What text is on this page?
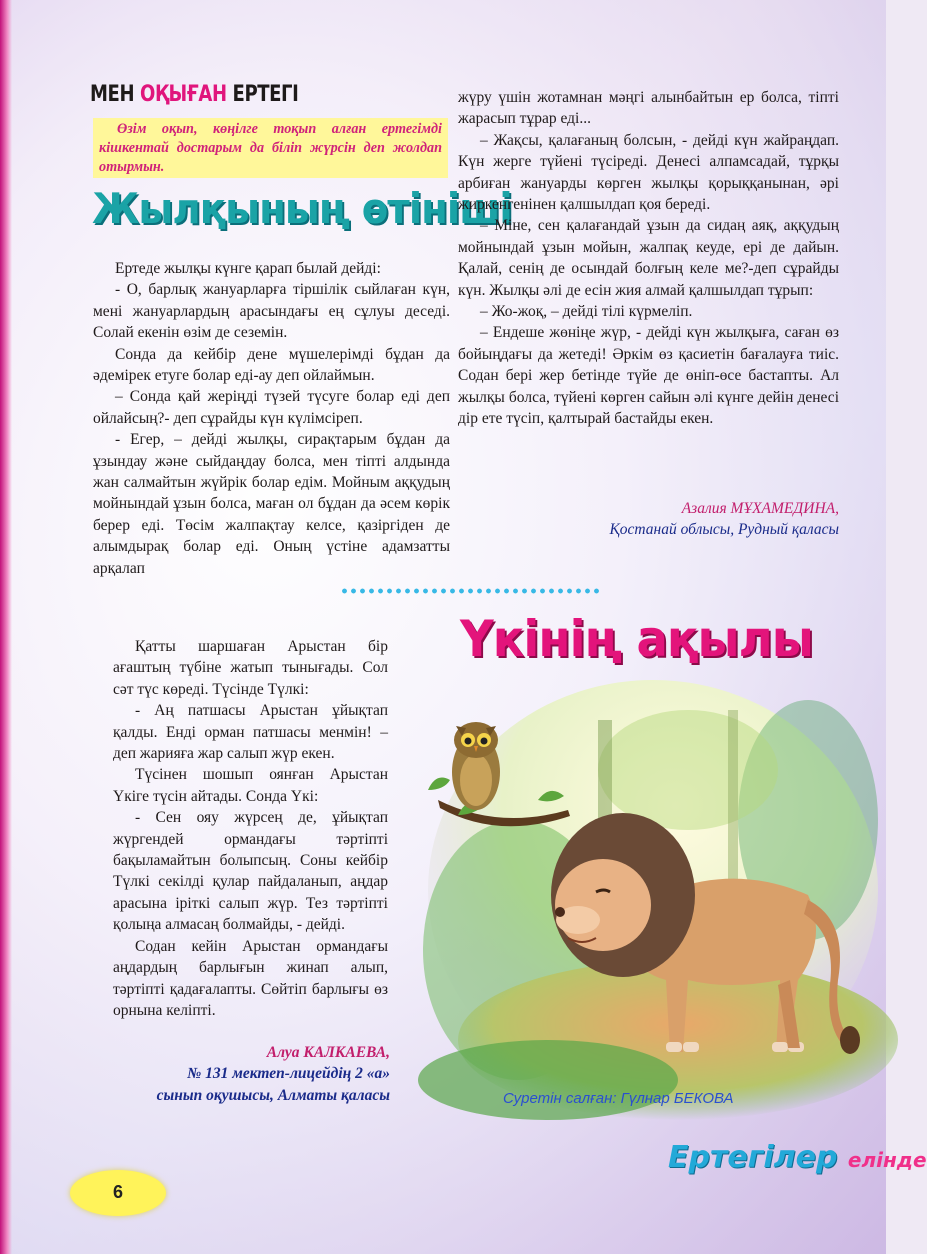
МЕН ОҚЫҒАН ЕРТЕГІ
Өзім оқып, көңілге тоқып алған ертегімді кішкентай достарым да біліп жүрсін деп жолдап отырмын.
Жылқының өтініші

Ертеде жылқы күнге қарап былай дейді:

- О, барлық жануарларға тіршілік сыйлаған күн, мені жануарлардың арасындағы ең сұлуы деседі. Солай екенін өзім де сеземін.

Сонда да кейбір дене мүшелерімді бұдан да әдемірек етуге болар еді-ау деп ойлаймын.

– Сонда қай жеріңді түзей түсуге болар еді деп ойлайсың?- деп сұрайды күн күлімсіреп.

- Егер, – дейді жылқы, сирақтарым бұдан да ұзындау және сыйдаңдау болса, мен тіпті алдында жан салмайтын жүйрік болар едім. Мойным аққудың мойнындай ұзын болса, маған ол бұдан да әсем көрік берер еді. Төсім жалпақтау келсе, қазіргіден де алымдырақ болар еді. Оның үстіне адамзатты арқалап

жүру үшін жотамнан мәңгі алынбайтын ер болса, тіпті жарасып тұрар еді...

– Жақсы, қалағаның болсын, - дейді күн жайраңдап. Күн жерге түйені түсіреді. Денесі алпамсадай, тұрқы арбиған жануарды көрген жылқы қорыққанынан, әрі жиркенгенінен қалшылдап қоя береді.

– Міне, сен қалағандай ұзын да сидаң аяқ, аққудың мойнындай ұзын мойын, жалпақ кеуде, ері де дайын. Қалай, сенің де осындай болғың келе ме?-деп сұрайды күн. Жылқы әлі де есін жия алмай қалшылдап тұрып:

– Жо-жоқ, – дейді тілі күрмеліп.

– Ендеше жөніңе жүр, - дейді күн жылқыға, саған өз бойыңдағы да жетеді! Әркім өз қасиетін бағалауға тиіс. Содан бері жер бетінде түйе де өніп-өсе бастапты. Ал жылқы болса, түйені көрген сайын әлі күнге дейін денесі дір ете түсіп, қалтырай бастайды екен.

Азалия МҰХАМЕДИНА,
Қостанай облысы, Рудный қаласы
Үкінің ақылы

Қатты шаршаған Арыстан бір ағаштың түбіне жатып тынығады. Сол сәт түс көреді. Түсінде Түлкі:

- Аң патшасы Арыстан ұйықтап қалды. Енді орман патшасы менмін! – деп жарияға жар салып жүр екен.

Түсінен шошып оянған Арыстан Үкіге түсін айтады. Сонда Үкі:

- Сен ояу жүрсең де, ұйықтап жүргендей ормандағы тәртіпті бақыламайтын болыпсың. Соны кейбір Түлкі секілді қулар пайдаланып, аңдар арасына іріткі салып жүр. Тез тәртіпті қолыңа алмасаң болмайды, - дейді.

Содан кейін Арыстан ормандағы аңдардың барлығын жинап алып, тәртіпті қадағалапты. Сөйтіп барлығы өз орнына келіпті.

Алуа КАЛКАЕВА,
№ 131 мектеп-лицейдің 2 «а»
сынып оқушысы, Алматы қаласы	Суретін салған: Гүлнар БЕКОВА
6
Ертегілер елінде
